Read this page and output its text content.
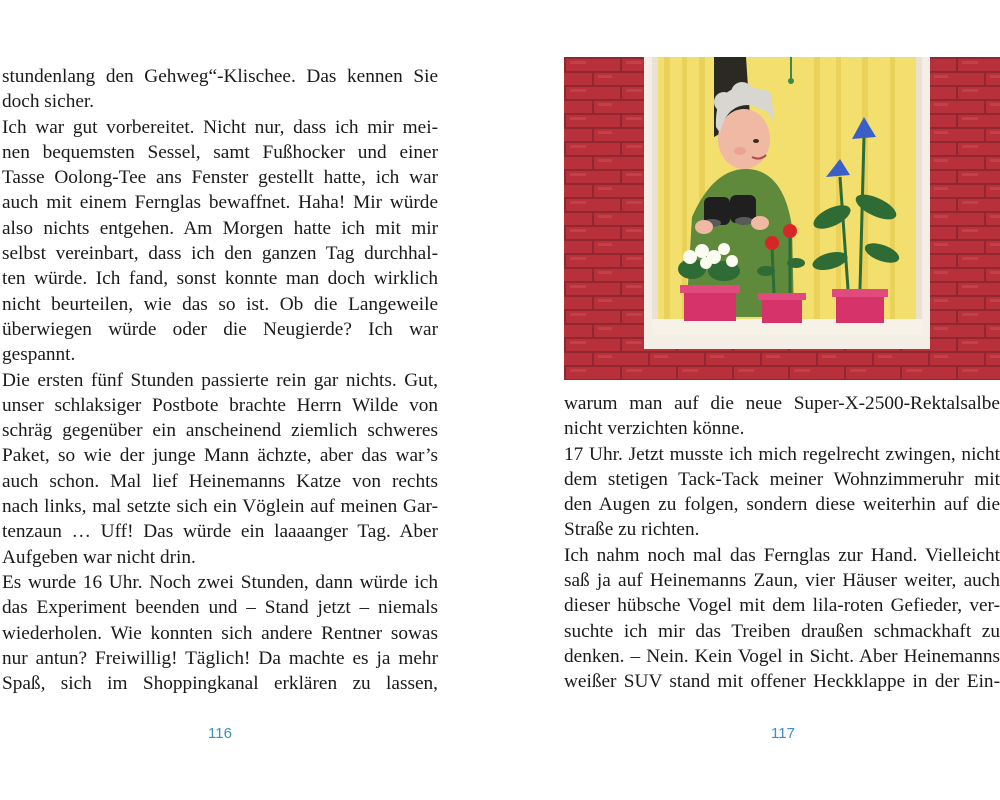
stundenlang den Gehweg“-Klischee. Das kennen Sie
doch sicher.
Ich war gut vorbereitet. Nicht nur, dass ich mir mei-
nen bequemsten Sessel, samt Fußhocker und einer
Tasse Oolong-Tee ans Fenster gestellt hatte, ich war
auch mit einem Fernglas bewaffnet. Haha! Mir würde
also nichts entgehen. Am Morgen hatte ich mit mir
selbst vereinbart, dass ich den ganzen Tag durchhal-
ten würde. Ich fand, sonst konnte man doch wirklich
nicht beurteilen, wie das so ist. Ob die Langeweile
überwiegen würde oder die Neugierde? Ich war
gespannt.
Die ersten fünf Stunden passierte rein gar nichts. Gut,
unser schlaksiger Postbote brachte Herrn Wilde von
schräg gegenüber ein anscheinend ziemlich schweres
Paket, so wie der junge Mann ächzte, aber das war’s
auch schon. Mal lief Heinemanns Katze von rechts
nach links, mal setzte sich ein Vöglein auf meinen Gar-
tenzaun … Uff! Das würde ein laaaanger Tag. Aber
Aufgeben war nicht drin.
Es wurde 16 Uhr. Noch zwei Stunden, dann würde ich
das Experiment beenden und – Stand jetzt – niemals
wiederholen. Wie konnten sich andere Rentner sowas
nur antun? Freiwillig! Täglich! Da machte es ja mehr
Spaß, sich im Shoppingkanal erklären zu lassen,
116
warum man auf die neue Super-X-2500-Rektalsalbe
nicht verzichten könne.
17 Uhr. Jetzt musste ich mich regelrecht zwingen, nicht
dem stetigen Tack-Tack meiner Wohnzimmeruhr mit
den Augen zu folgen, sondern diese weiterhin auf die
Straße zu richten.
Ich nahm noch mal das Fernglas zur Hand. Vielleicht
saß ja auf Heinemanns Zaun, vier Häuser weiter, auch
dieser hübsche Vogel mit dem lila-roten Gefieder, ver-
suchte ich mir das Treiben draußen schmackhaft zu
denken. – Nein. Kein Vogel in Sicht. Aber Heinemanns
weißer SUV stand mit offener Heckklappe in der Ein-
117
